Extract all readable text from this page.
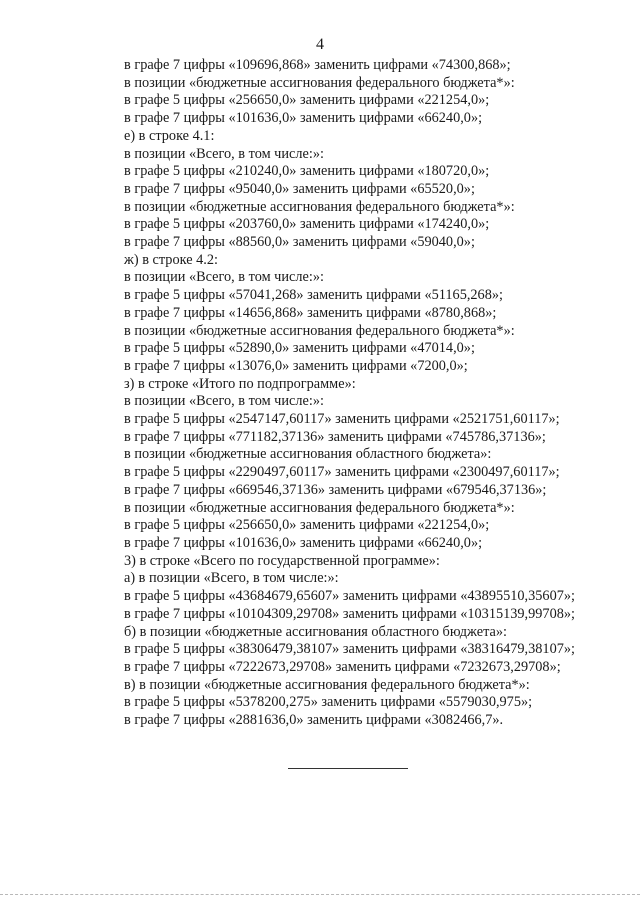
4
в графе 7 цифры «109696,868» заменить цифрами «74300,868»;
в позиции «бюджетные ассигнования федерального бюджета*»:
в графе 5 цифры «256650,0» заменить цифрами «221254,0»;
в графе 7 цифры «101636,0» заменить цифрами «66240,0»;
е) в строке 4.1:
в позиции «Всего, в том числе:»:
в графе 5 цифры «210240,0» заменить цифрами «180720,0»;
в графе 7 цифры «95040,0» заменить цифрами «65520,0»;
в позиции «бюджетные ассигнования федерального бюджета*»:
в графе 5 цифры «203760,0» заменить цифрами «174240,0»;
в графе 7 цифры «88560,0» заменить цифрами «59040,0»;
ж) в строке 4.2:
в позиции «Всего, в том числе:»:
в графе 5 цифры «57041,268» заменить цифрами «51165,268»;
в графе 7 цифры «14656,868» заменить цифрами «8780,868»;
в позиции «бюджетные ассигнования федерального бюджета*»:
в графе 5 цифры «52890,0» заменить цифрами «47014,0»;
в графе 7 цифры «13076,0» заменить цифрами «7200,0»;
з) в строке «Итого по подпрограмме»:
в позиции «Всего, в том числе:»:
в графе 5 цифры «2547147,60117» заменить цифрами «2521751,60117»;
в графе 7 цифры «771182,37136» заменить цифрами «745786,37136»;
в позиции «бюджетные ассигнования областного бюджета»:
в графе 5 цифры «2290497,60117» заменить цифрами «2300497,60117»;
в графе 7 цифры «669546,37136» заменить цифрами «679546,37136»;
в позиции «бюджетные ассигнования федерального бюджета*»:
в графе 5 цифры «256650,0» заменить цифрами «221254,0»;
в графе 7 цифры «101636,0» заменить цифрами «66240,0»;
3) в строке «Всего по государственной программе»:
а) в позиции «Всего, в том числе:»:
в графе 5 цифры «43684679,65607» заменить цифрами «43895510,35607»;
в графе 7 цифры «10104309,29708» заменить цифрами «10315139,99708»;
б) в позиции «бюджетные ассигнования областного бюджета»:
в графе 5 цифры «38306479,38107» заменить цифрами «38316479,38107»;
в графе 7 цифры «7222673,29708» заменить цифрами «7232673,29708»;
в) в позиции «бюджетные ассигнования федерального бюджета*»:
в графе 5 цифры «5378200,275» заменить цифрами «5579030,975»;
в графе 7 цифры «2881636,0» заменить цифрами «3082466,7».
